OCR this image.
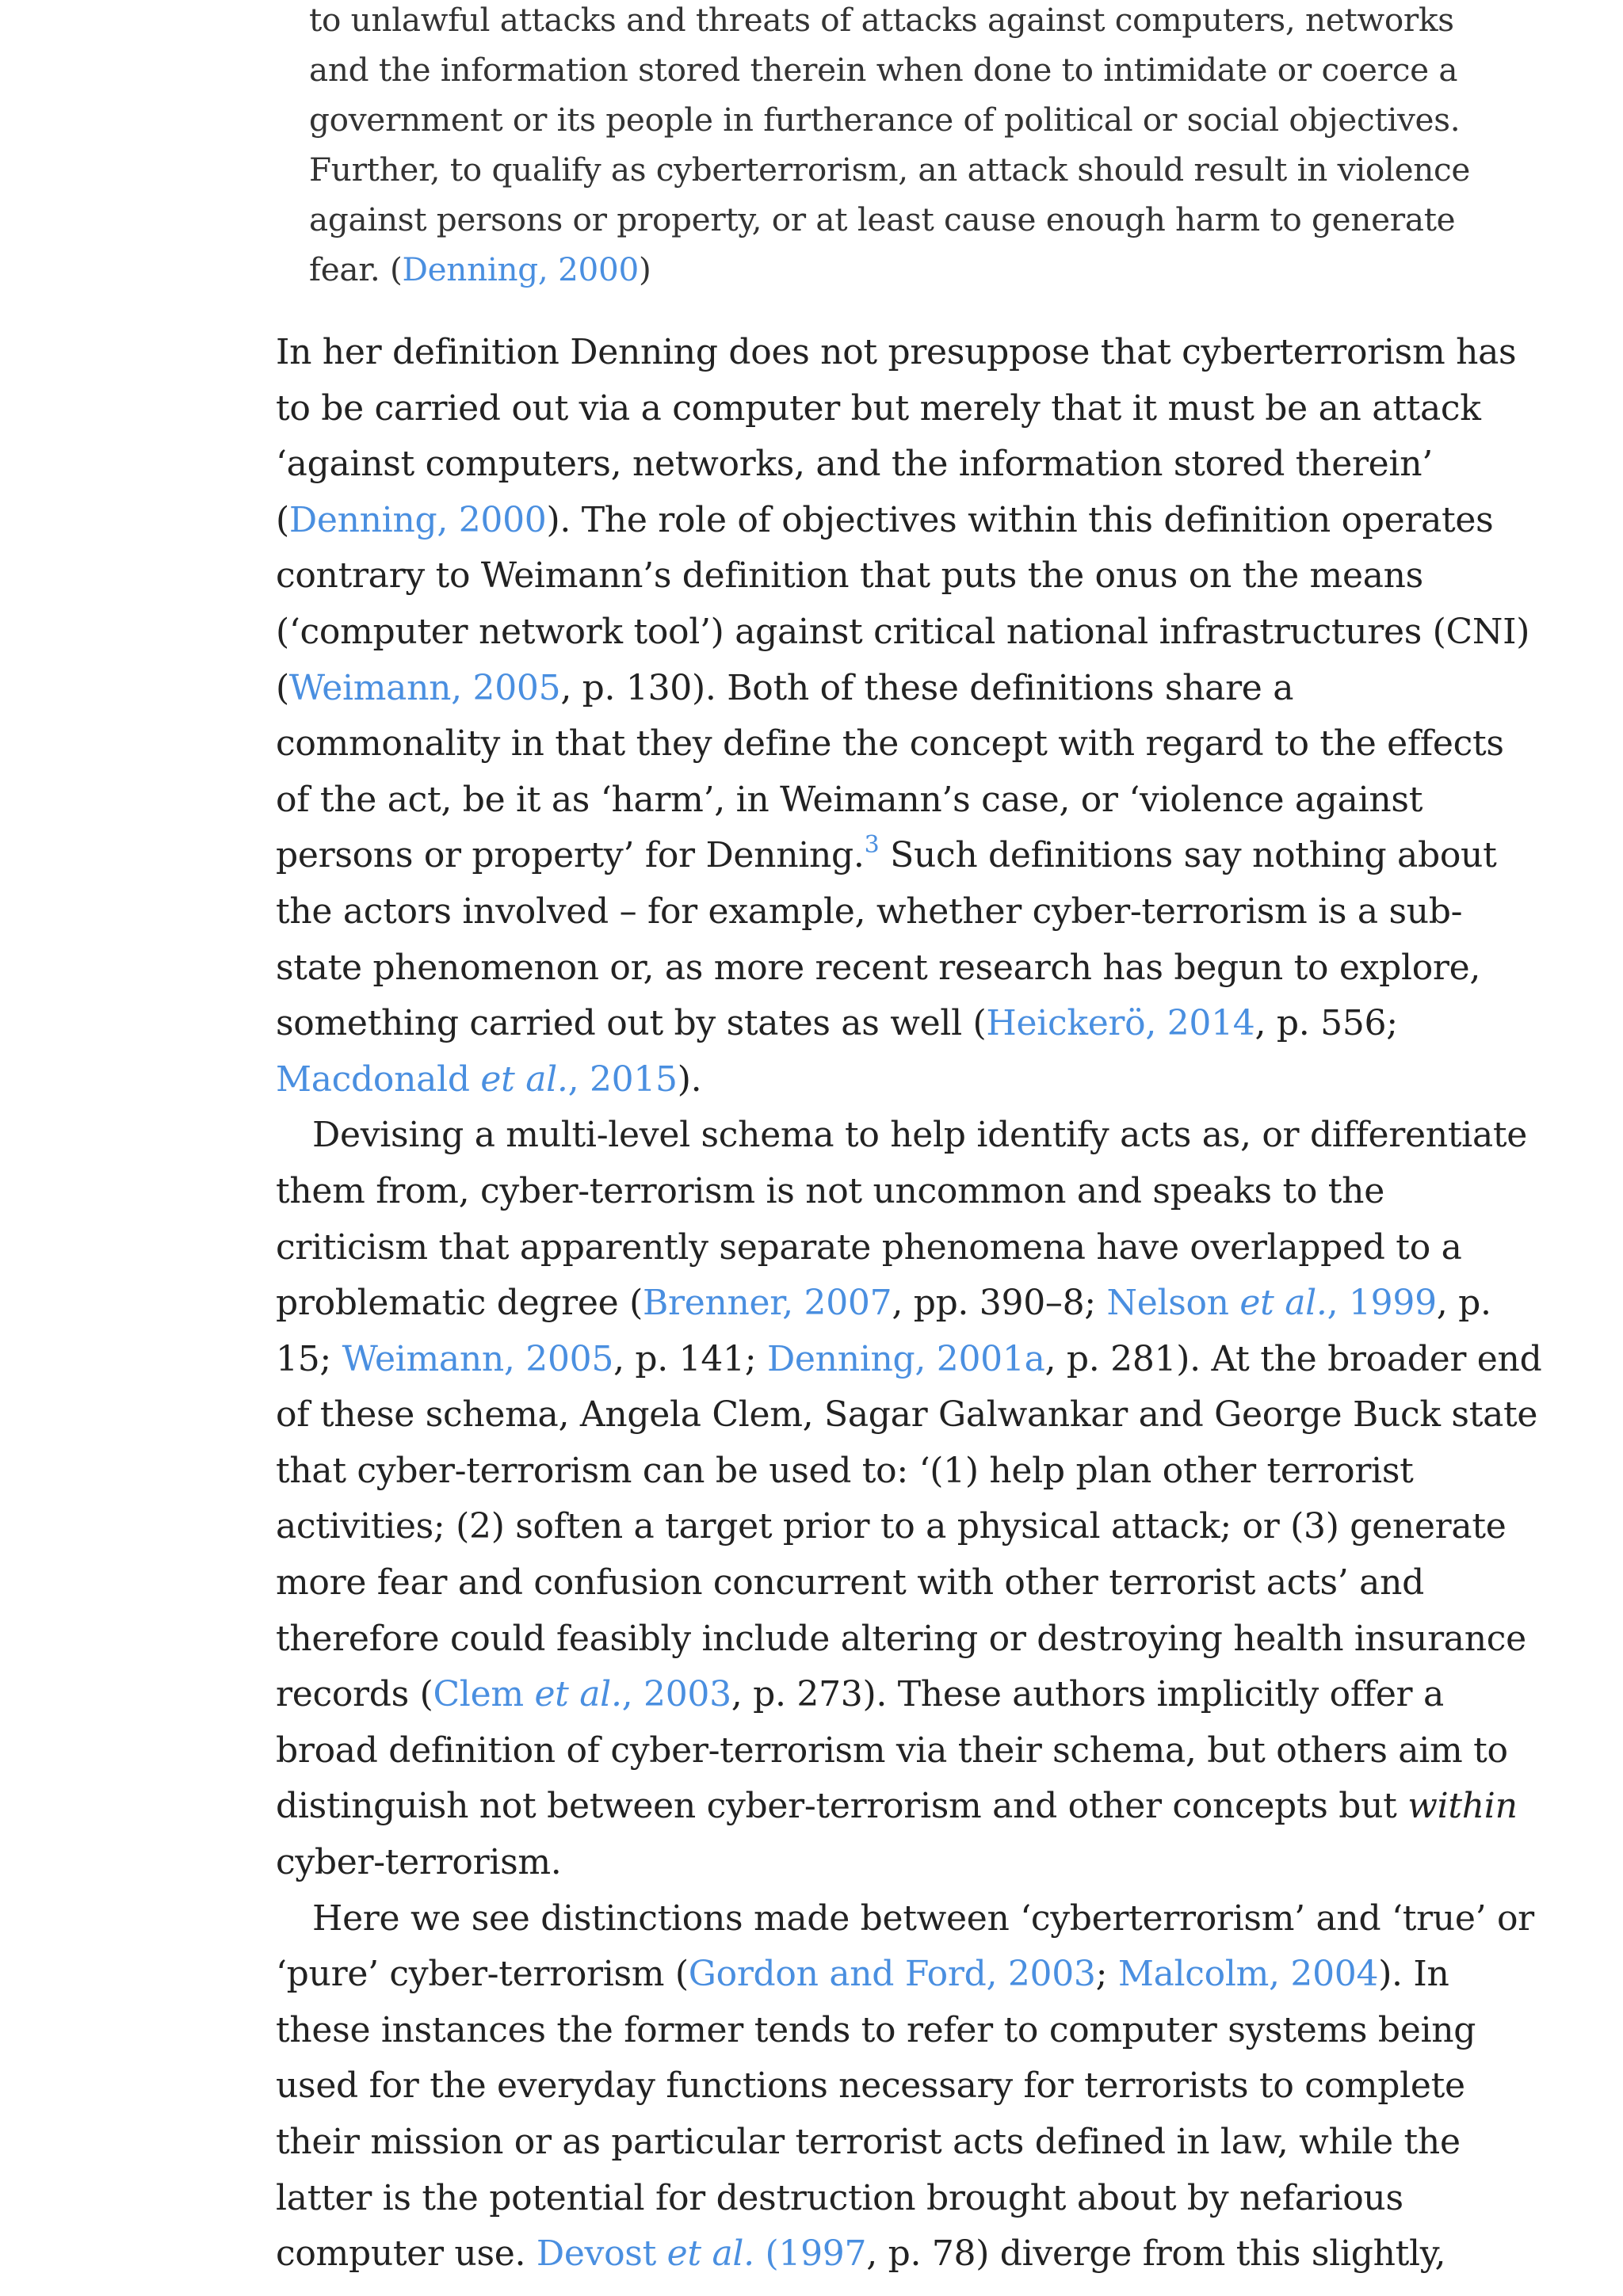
to unlawful attacks and threats of attacks against computers, networks
and the information stored therein when done to intimidate or coerce a
government or its people in furtherance of political or social objectives.
Further, to qualify as cyberterrorism, an attack should result in violence
against persons or property, or at least cause enough harm to generate
fear. (Denning, 2000)
In her definition Denning does not presuppose that cyberterrorism has
to be carried out via a computer but merely that it must be an attack
‘against computers, networks, and the information stored therein’
(Denning, 2000). The role of objectives within this definition operates
contrary to Weimann’s definition that puts the onus on the means
(‘computer network tool’) against critical national infrastructures (CNI)
(Weimann, 2005, p. 130). Both of these definitions share a
commonality in that they define the concept with regard to the effects
of the act, be it as ‘harm’, in Weimann’s case, or ‘violence against
persons or property’ for Denning.$^3$ Such definitions say nothing about
the actors involved – for example, whether cyber-terrorism is a sub-
state phenomenon or, as more recent research has begun to explore,
something carried out by states as well (Heickerö, 2014, p. 556;
Macdonald et al., 2015).
Devising a multi-level schema to help identify acts as, or differentiate
them from, cyber-terrorism is not uncommon and speaks to the
criticism that apparently separate phenomena have overlapped to a
problematic degree (Brenner, 2007, pp. 390–8; Nelson et al., 1999, p.
15; Weimann, 2005, p. 141; Denning, 2001a, p. 281). At the broader end
of these schema, Angela Clem, Sagar Galwankar and George Buck state
that cyber-terrorism can be used to: ‘(1) help plan other terrorist
activities; (2) soften a target prior to a physical attack; or (3) generate
more fear and confusion concurrent with other terrorist acts’ and
therefore could feasibly include altering or destroying health insurance
records (Clem et al., 2003, p. 273). These authors implicitly offer a
broad definition of cyber-terrorism via their schema, but others aim to
distinguish not between cyber-terrorism and other concepts but within
cyber-terrorism.
Here we see distinctions made between ‘cyberterrorism’ and ‘true’ or
‘pure’ cyber-terrorism (Gordon and Ford, 2003; Malcolm, 2004). In
these instances the former tends to refer to computer systems being
used for the everyday functions necessary for terrorists to complete
their mission or as particular terrorist acts defined in law, while the
latter is the potential for destruction brought about by nefarious
computer use. Devost et al. (1997, p. 78) diverge from this slightly,
